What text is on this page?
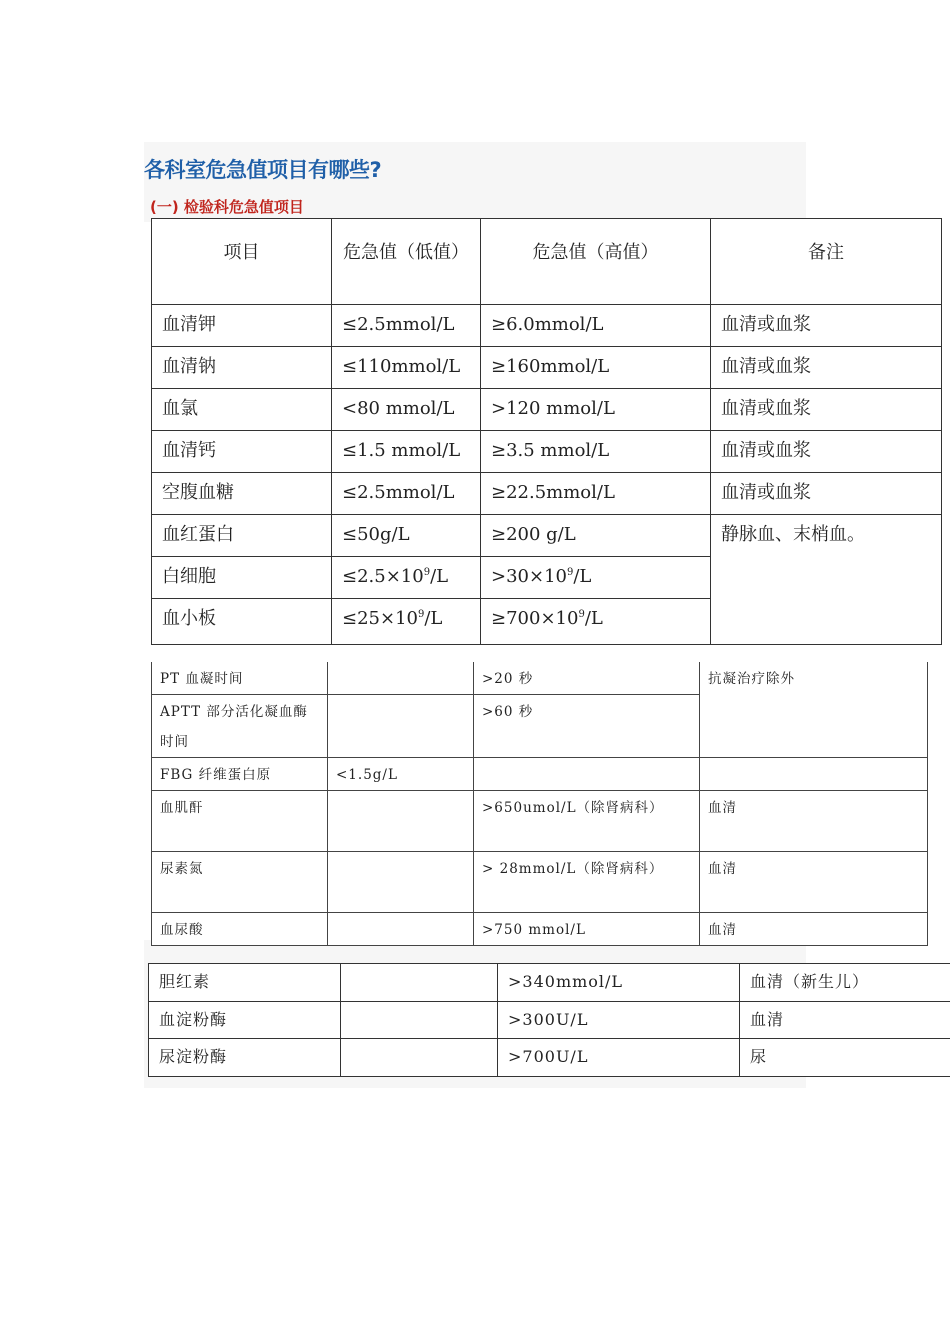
各科室危急值项目有哪些?
(一) 检验科危急值项目
项目	危急值（低值）	危急值（高值）	备注
血清钾	≤2.5mmol/L	≥6.0mmol/L	血清或血浆
血清钠	≤110mmol/L	≥160mmol/L	血清或血浆
血氯	<80 mmol/L	>120 mmol/L	血清或血浆
血清钙	≤1.5 mmol/L	≥3.5 mmol/L	血清或血浆
空腹血糖	≤2.5mmol/L	≥22.5mmol/L	血清或血浆
血红蛋白	≤50g/L	≥200 g/L	静脉血、末梢血。
白细胞	$\le 2.5\times 10^9/L$	$>30\times 10^9/L$	
血小板	$\le 25\times 10^9/L$	$\ge 700\times 10^9/L$	
PT 血凝时间		>20 秒	抗凝治疗除外
APTT 部分活化凝血酶时间		>60 秒	
FBG 纤维蛋白原	<1.5g/L		
血肌酐		>650umol/L（除肾病科）	血清
尿素氮		> 28mmol/L（除肾病科）	血清
血尿酸		>750 mmol/L	血清
胆红素		>340mmol/L	血清（新生儿）
血淀粉酶		>300U/L	血清
尿淀粉酶		>700U/L	尿
